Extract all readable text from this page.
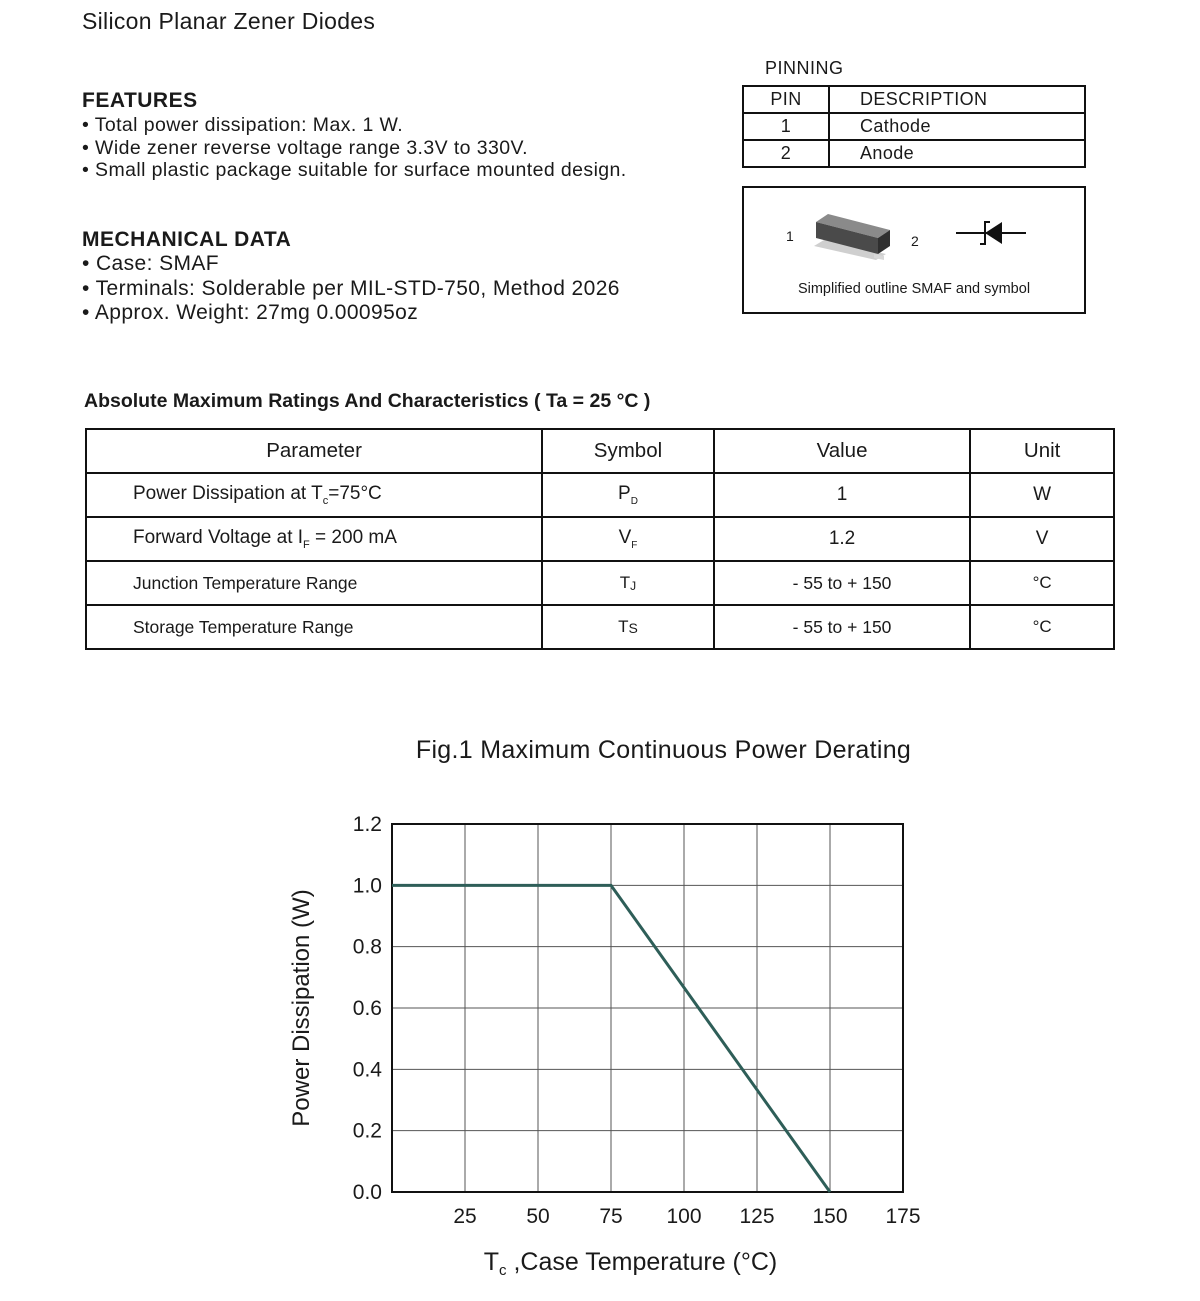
Silicon Planar Zener Diodes
FEATURES
• Total power dissipation: Max. 1 W.
• Wide zener reverse voltage range 3.3V to 330V.
• Small plastic package suitable for surface mounted design.
MECHANICAL DATA
• Case: SMAF
• Terminals: Solderable per MIL-STD-750, Method 2026
• Approx. Weight: 27mg 0.00095oz
PINNING
PIN	DESCRIPTION
1	Cathode
2	Anode
1	2
Simplified outline SMAF and symbol
Absolute Maximum Ratings And Characteristics ( Ta = 25 °C )
Parameter	Symbol	Value	Unit
Power Dissipation at $T_c=75^\circ C$	$P_D$	1	W
Forward Voltage at $I_F = 200$ mA	$V_F$	1.2	V
Junction Temperature Range	TJ	- 55 to + 150	°C
Storage Temperature Range	TS	- 55 to + 150	°C
Fig.1 Maximum Continuous Power Derating
0.0
0.2
0.4
0.6
0.8
1.0
1.2
25 50 75 100 125 150 175
Power Dissipation (W)
$T_c$ ,Case Temperature (°C)
